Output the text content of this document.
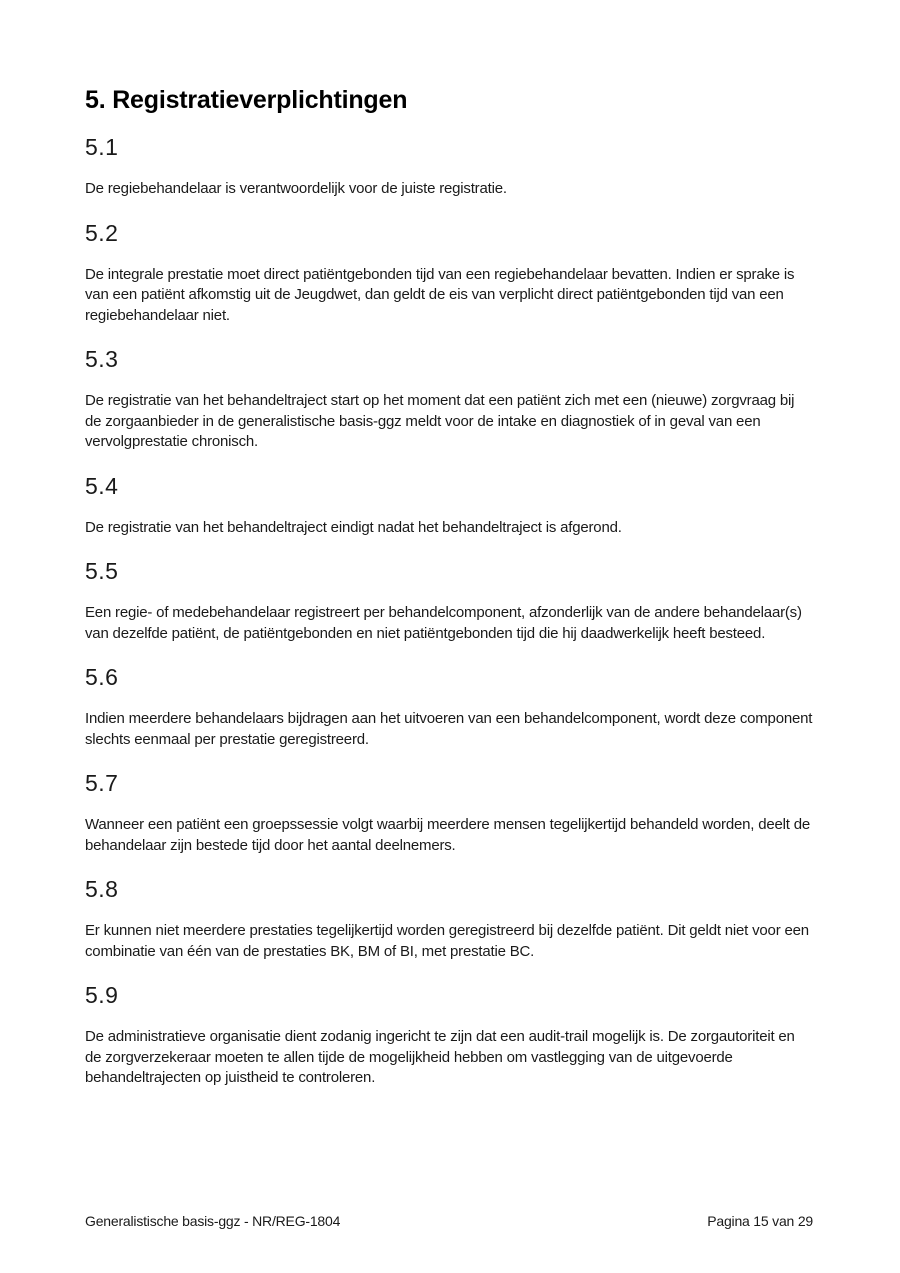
5. Registratieverplichtingen
5.1

De regiebehandelaar is verantwoordelijk voor de juiste registratie.

5.2

De integrale prestatie moet direct patiëntgebonden tijd van een regiebehandelaar bevatten. Indien er sprake is van een patiënt afkomstig uit de Jeugdwet, dan geldt de eis van verplicht direct patiëntgebonden tijd van een regiebehandelaar niet.

5.3

De registratie van het behandeltraject start op het moment dat een patiënt zich met een (nieuwe) zorgvraag bij de zorgaanbieder in de generalistische basis-ggz meldt voor de intake en diagnostiek of in geval van een vervolgprestatie chronisch.

5.4

De registratie van het behandeltraject eindigt nadat het behandeltraject is afgerond.

5.5

Een regie- of medebehandelaar registreert per behandelcomponent, afzonderlijk van de andere behandelaar(s) van dezelfde patiënt, de patiëntgebonden en niet patiëntgebonden tijd die hij daadwerkelijk heeft besteed.

5.6

Indien meerdere behandelaars bijdragen aan het uitvoeren van een behandelcomponent, wordt deze component slechts eenmaal per prestatie geregistreerd.

5.7

Wanneer een patiënt een groepssessie volgt waarbij meerdere mensen tegelijkertijd behandeld worden, deelt de behandelaar zijn bestede tijd door het aantal deelnemers.

5.8

Er kunnen niet meerdere prestaties tegelijkertijd worden geregistreerd bij dezelfde patiënt. Dit geldt niet voor een combinatie van één van de prestaties BK, BM of BI, met prestatie BC.

5.9

De administratieve organisatie dient zodanig ingericht te zijn dat een audit-trail mogelijk is. De zorgautoriteit en de zorgverzekeraar moeten te allen tijde de mogelijkheid hebben om vastlegging van de uitgevoerde behandeltrajecten op juistheid te controleren.

Generalistische basis-ggz - NR/REG-1804	Pagina 15 van 29
